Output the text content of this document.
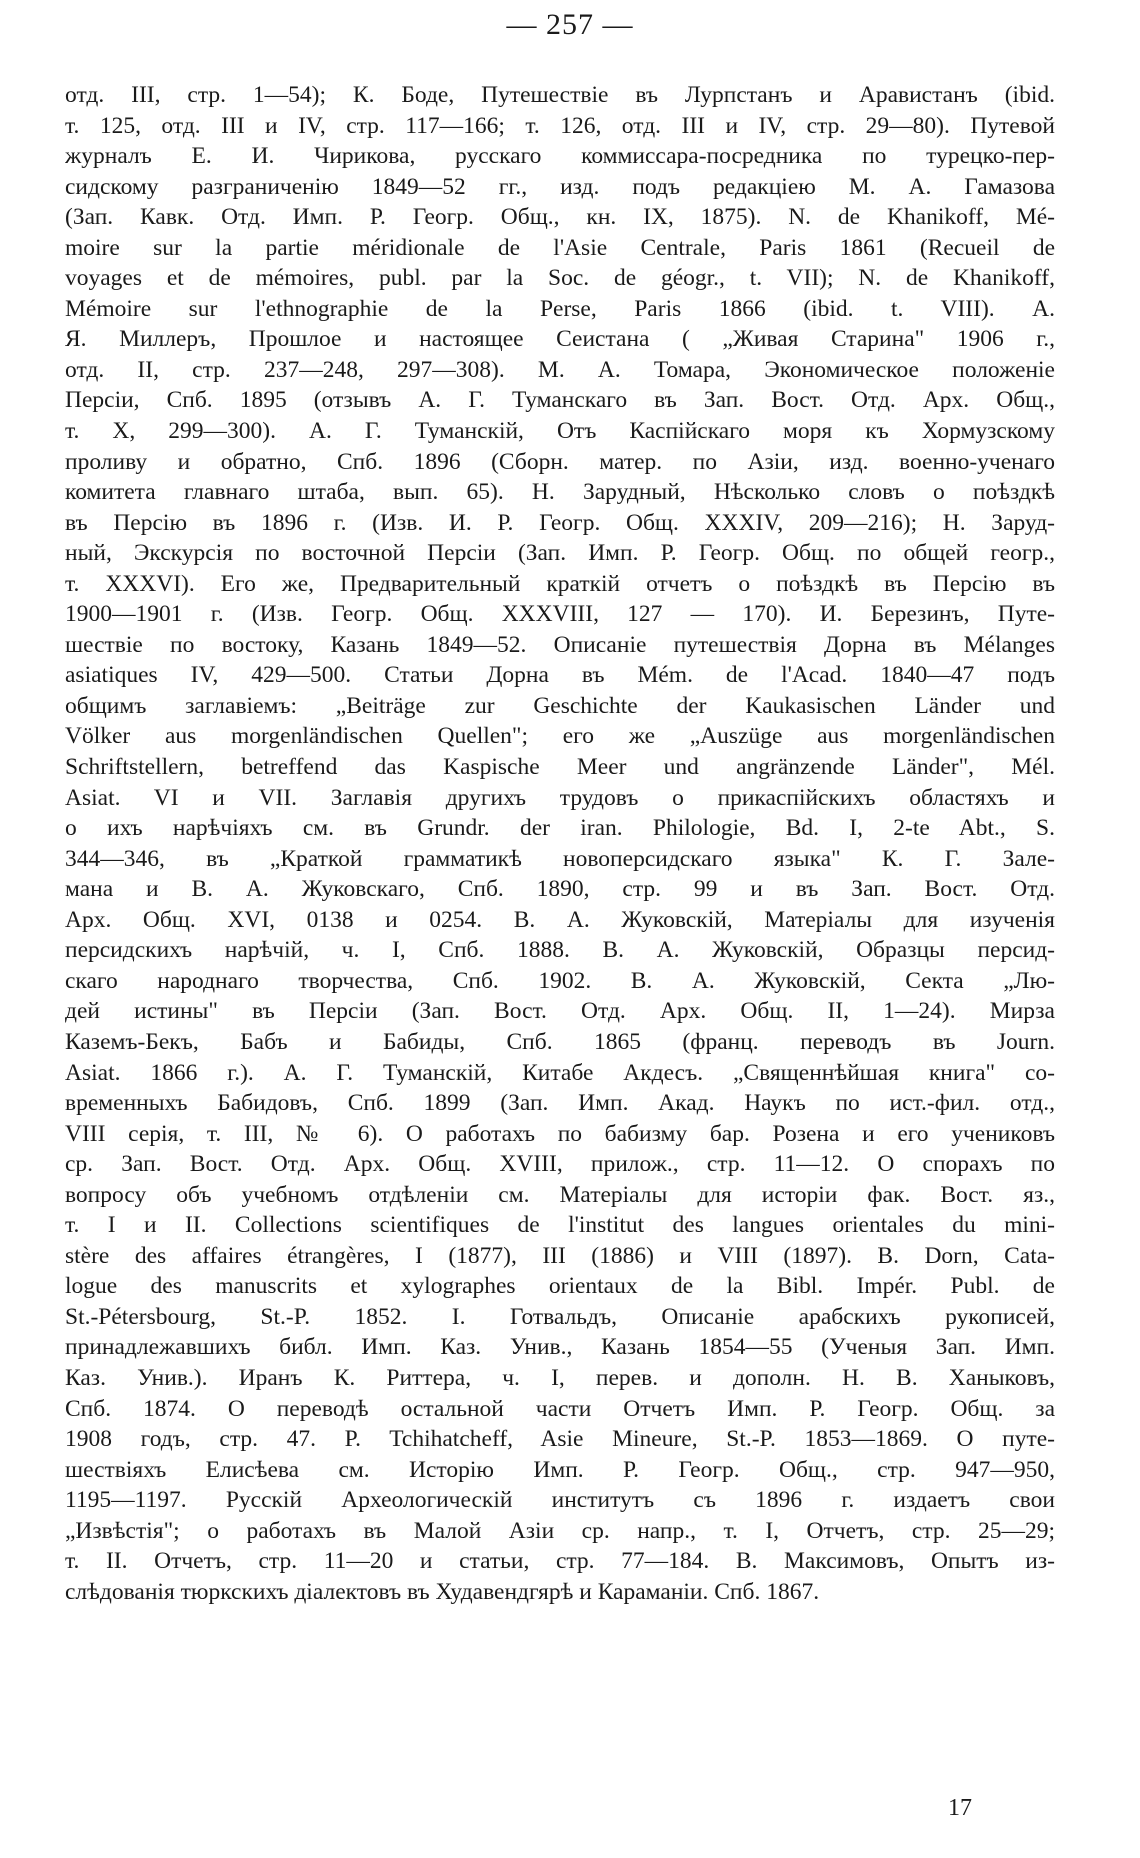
— 257 —
отд. III, стр. 1—54); К. Боде, Путешествіе въ Лурпстанъ и Аравистанъ (ibid.
т. 125, отд. III и IV, стр. 117—166; т. 126, отд. III и IV, стр. 29—80). Путевой
журналъ Е. И. Чирикова, русскаго коммиссара-посредника по турецко-пер-
сидскому разграниченію 1849—52 гг., изд. подъ редакціею М. А. Гамазова
(Зап. Кавк. Отд. Имп. Р. Геогр. Общ., кн. IX, 1875). N. de Khanikoff, Mé-
moire sur la partie méridionale de l'Asie Centrale, Paris 1861 (Recueil de
voyages et de mémoires, publ. par la Soc. de géogr., t. VII); N. de Khanikoff,
Mémoire sur l'ethnographie de la Perse, Paris 1866 (ibid. t. VIII). А.
Я. Миллеръ, Прошлое и настоящее Сеистана ( „Живая Старина" 1906 г.,
отд. II, стр. 237—248, 297—308). М. А. Томара, Экономическое положеніе
Персіи, Спб. 1895 (отзывъ А. Г. Туманскаго въ Зап. Вост. Отд. Арх. Общ.,
т. X, 299—300). А. Г. Туманскій, Отъ Каспійскаго моря къ Хормузскому
проливу и обратно, Спб. 1896 (Сборн. матер. по Азіи, изд. военно-ученаго
комитета главнаго штаба, вып. 65). Н. Зарудный, Нѣсколько словъ о поѣздкѣ
въ Персію въ 1896 г. (Изв. И. Р. Геогр. Общ. XXXIV, 209—216); Н. Заруд-
ный, Экскурсія по восточной Персіи (Зап. Имп. Р. Геогр. Общ. по общей геогр.,
т. XXXVI). Его же, Предварительный краткій отчетъ о поѣздкѣ въ Персію въ
1900—1901 г. (Изв. Геогр. Общ. XXXVIII, 127 — 170). И. Березинъ, Путе-
шествіе по востоку, Казань 1849—52. Описаніе путешествія Дорна въ Mélanges
asiatiques IV, 429—500. Статьи Дорна въ Mém. de l'Acad. 1840—47 подъ
общимъ заглавіемъ: „Beiträge zur Geschichte der Kaukasischen Länder und
Völker aus morgenländischen Quellen"; его же „Auszüge aus morgenländischen
Schriftstellern, betreffend das Kaspische Meer und angränzende Länder", Mél.
Asiat. VI и VII. Заглавія другихъ трудовъ о прикаспійскихъ областяхъ и
о ихъ нарѣчіяхъ см. въ Grundr. der iran. Philologie, Bd. I, 2-te Abt., S.
344—346, въ „Краткой грамматикѣ новоперсидскаго языка" К. Г. Зале-
мана и В. А. Жуковскаго, Спб. 1890, стр. 99 и въ Зап. Вост. Отд.
Арх. Общ. XVI, 0138 и 0254. В. А. Жуковскій, Матеріалы для изученія
персидскихъ нарѣчій, ч. I, Спб. 1888. В. А. Жуковскій, Образцы персид-
скаго народнаго творчества, Спб. 1902. В. А. Жуковскій, Секта „Лю-
дей истины" въ Персіи (Зап. Вост. Отд. Арх. Общ. II, 1—24). Мирза
Каземъ-Бекъ, Бабъ и Бабиды, Спб. 1865 (франц. переводъ въ Journ.
Asiat. 1866 г.). А. Г. Туманскій, Китабе Акдесъ. „Священнѣйшая книга" со-
временныхъ Бабидовъ, Спб. 1899 (Зап. Имп. Акад. Наукъ по ист.-фил. отд.,
VIII серія, т. III, № 6). О работахъ по бабизму бар. Розена и его учениковъ
ср. Зап. Вост. Отд. Арх. Общ. XVIII, прилож., стр. 11—12. О спорахъ по
вопросу объ учебномъ отдѣленіи см. Матеріалы для исторіи фак. Вост. яз.,
т. I и II. Collections scientifiques de l'institut des langues orientales du mini-
stère des affaires étrangères, I (1877), III (1886) и VIII (1897). B. Dorn, Cata-
logue des manuscrits et xylographes orientaux de la Bibl. Impér. Publ. de
St.-Pétersbourg, St.-P. 1852. I. Готвальдъ, Описаніе арабскихъ рукописей,
принадлежавшихъ библ. Имп. Каз. Унив., Казань 1854—55 (Ученыя Зап. Имп.
Каз. Унив.). Иранъ К. Риттера, ч. I, перев. и дополн. Н. В. Ханыковъ,
Спб. 1874. О переводѣ остальной части Отчетъ Имп. Р. Геогр. Общ. за
1908 годъ, стр. 47. P. Tchihatcheff, Asie Mineure, St.-P. 1853—1869. О путе-
шествіяхъ Елисѣева см. Исторію Имп. Р. Геогр. Общ., стр. 947—950,
1195—1197. Русскій Археологическій институтъ съ 1896 г. издаетъ свои
„Извѣстія"; о работахъ въ Малой Азіи ср. напр., т. I, Отчетъ, стр. 25—29;
т. II. Отчетъ, стр. 11—20 и статьи, стр. 77—184. В. Максимовъ, Опытъ из-
слѣдованія тюркскихъ діалектовъ въ Худавендгярѣ и Караманіи. Спб. 1867.
17
